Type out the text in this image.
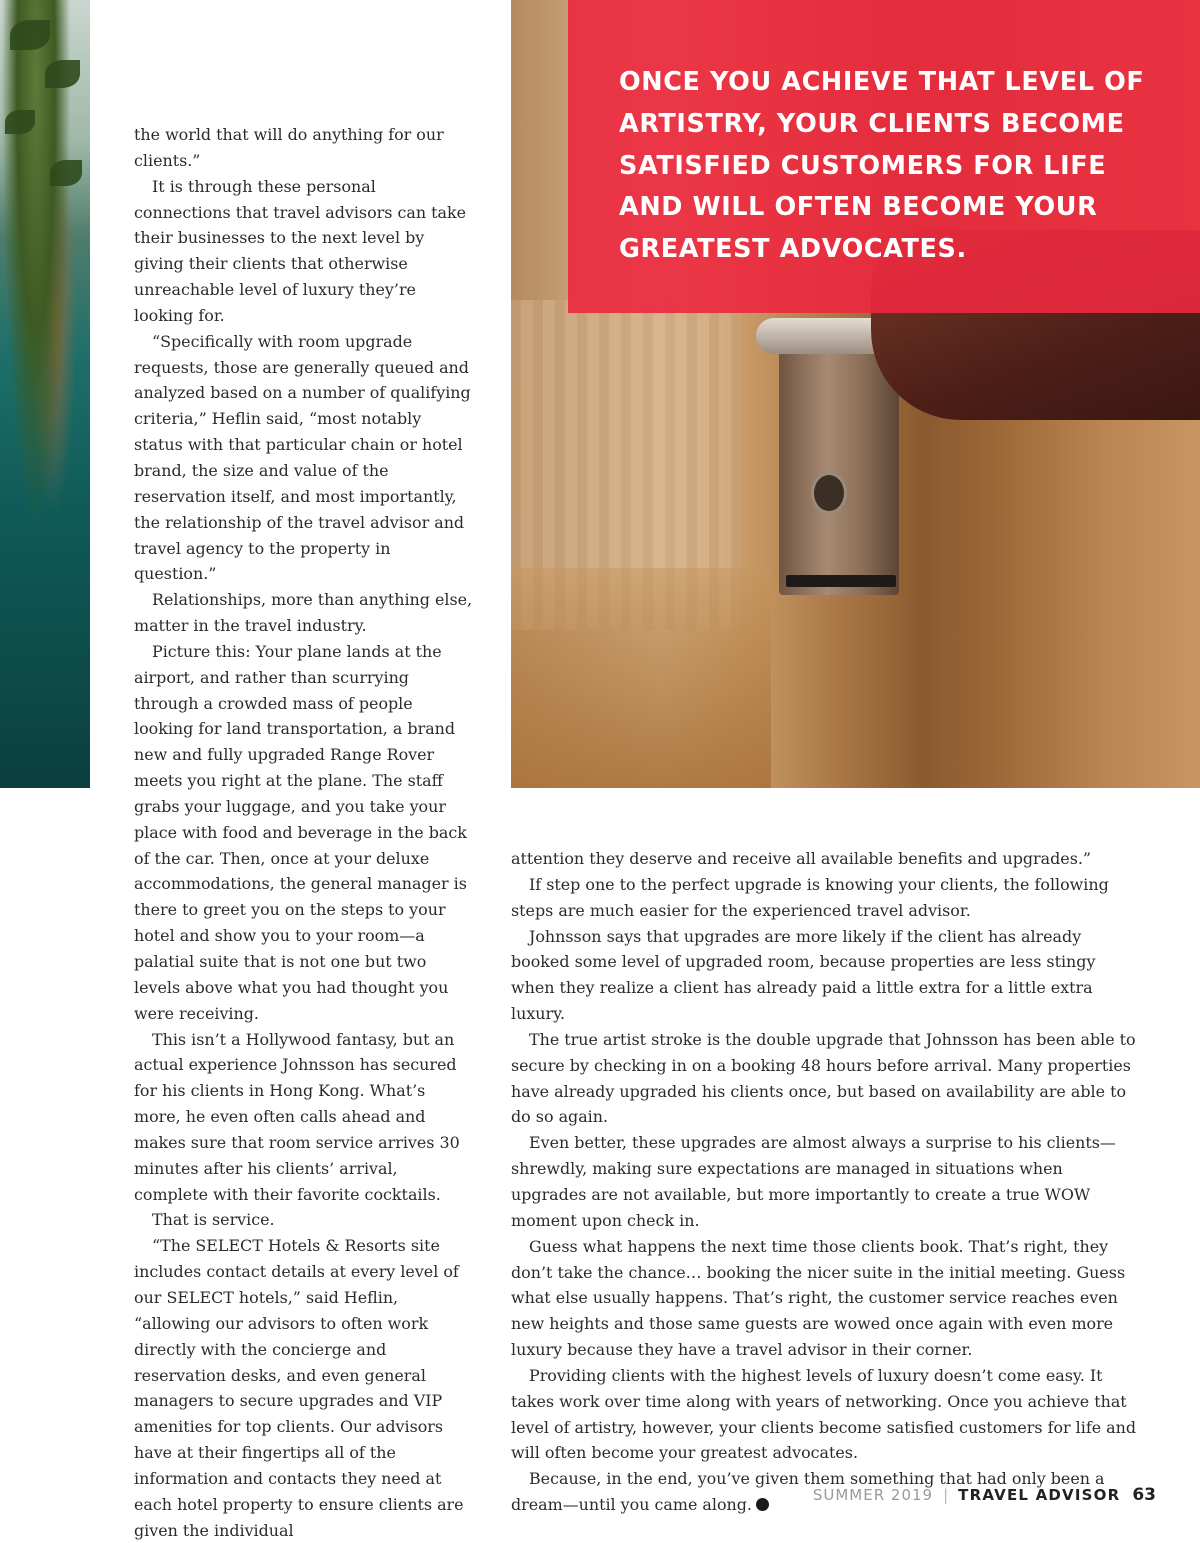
ONCE YOU ACHIEVE THAT LEVEL OF ARTISTRY, YOUR CLIENTS BECOME SATISFIED CUSTOMERS FOR LIFE AND WILL OFTEN BECOME YOUR GREATEST ADVOCATES.

the world that will do anything for our clients.”

It is through these personal connections that travel advisors can take their businesses to the next level by giving their clients that otherwise unreachable level of luxury they’re looking for.

“Specifically with room upgrade requests, those are generally queued and analyzed based on a number of qualifying criteria,” Heflin said, “most notably status with that particular chain or hotel brand, the size and value of the reservation itself, and most importantly, the relationship of the travel advisor and travel agency to the property in question.”

Relationships, more than anything else, matter in the travel industry.

Picture this: Your plane lands at the airport, and rather than scurrying through a crowded mass of people looking for land transportation, a brand new and fully upgraded Range Rover meets you right at the plane. The staff grabs your luggage, and you take your place with food and beverage in the back of the car. Then, once at your deluxe accommodations, the general manager is there to greet you on the steps to your hotel and show you to your room—a palatial suite that is not one but two levels above what you had thought you were receiving.

This isn’t a Hollywood fantasy, but an actual experience Johnsson has secured for his clients in Hong Kong. What’s more, he even often calls ahead and makes sure that room service arrives 30 minutes after his clients’ arrival, complete with their favorite cocktails.

That is service.

“The SELECT Hotels & Resorts site includes contact details at every level of our SELECT hotels,” said Heflin, “allowing our advisors to often work directly with the concierge and reservation desks, and even general managers to secure upgrades and VIP amenities for top clients. Our advisors have at their fingertips all of the information and contacts they need at each hotel property to ensure clients are given the individual

attention they deserve and receive all available benefits and upgrades.”

If step one to the perfect upgrade is knowing your clients, the following steps are much easier for the experienced travel advisor.

Johnsson says that upgrades are more likely if the client has already booked some level of upgraded room, because properties are less stingy when they realize a client has already paid a little extra for a little extra luxury.

The true artist stroke is the double upgrade that Johnsson has been able to secure by checking in on a booking 48 hours before arrival. Many properties have already upgraded his clients once, but based on availability are able to do so again.

Even better, these upgrades are almost always a surprise to his clients—shrewdly, making sure expectations are managed in situations when upgrades are not available, but more importantly to create a true WOW moment upon check in.

Guess what happens the next time those clients book. That’s right, they don’t take the chance… booking the nicer suite in the initial meeting. Guess what else usually happens. That’s right, the customer service reaches even new heights and those same guests are wowed once again with even more luxury because they have a travel advisor in their corner.

Providing clients with the highest levels of luxury doesn’t come easy. It takes work over time along with years of networking. Once you achieve that level of artistry, however, your clients become satisfied customers for life and will often become your greatest advocates.

Because, in the end, you’ve given them something that had only been a dream—until you came along.

SUMMER 2019 | TRAVEL ADVISOR 63
